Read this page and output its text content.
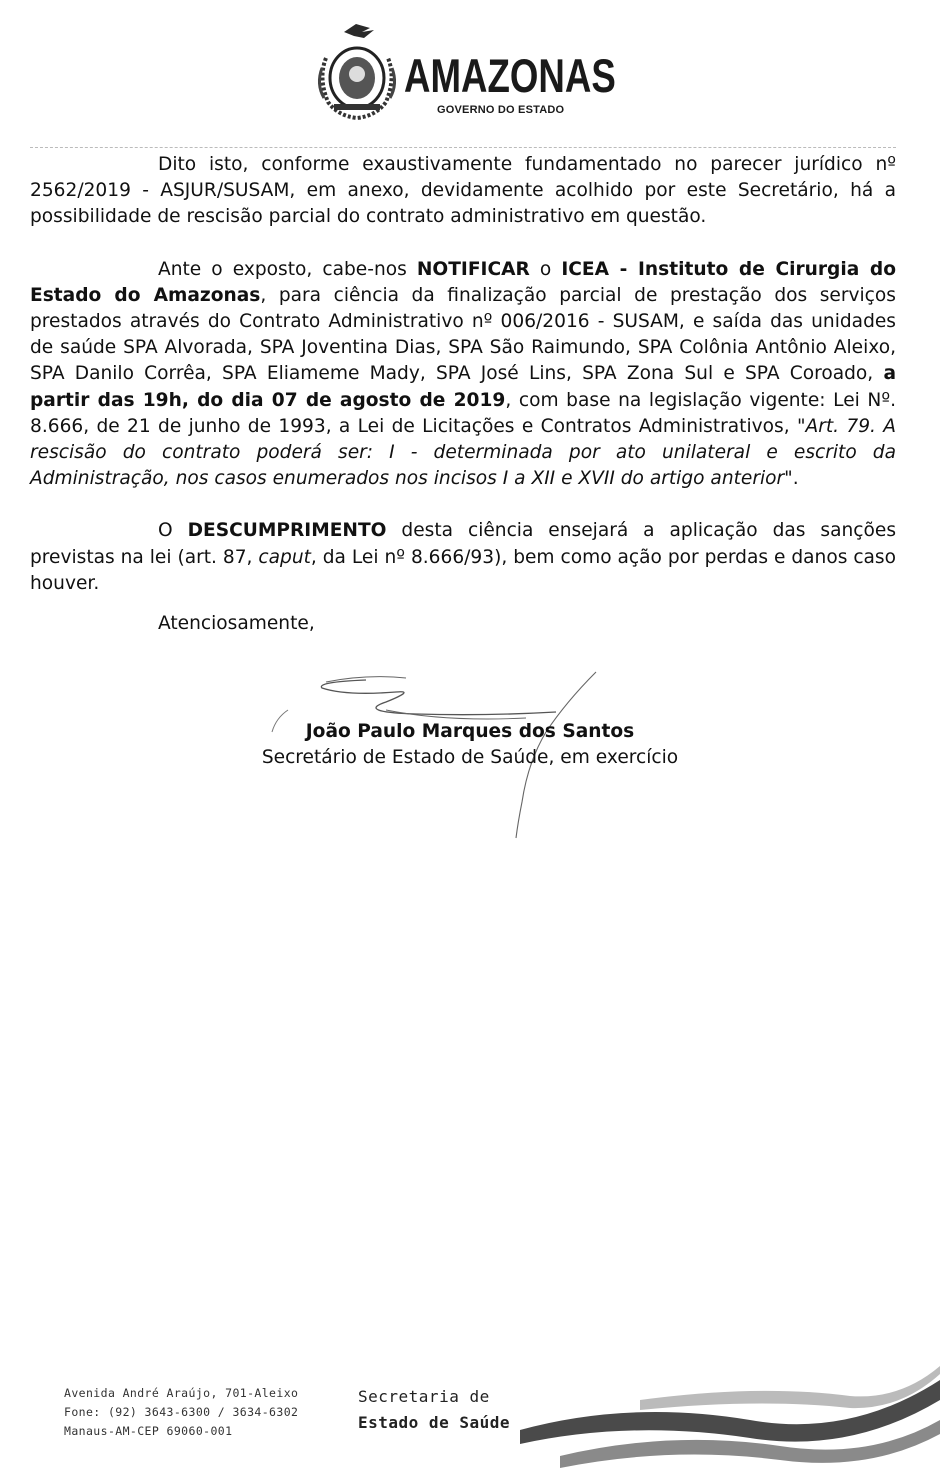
AMAZONAS
GOVERNO DO ESTADO

Dito isto, conforme exaustivamente fundamentado no parecer jurídico nº 2562/2019 - ASJUR/SUSAM, em anexo, devidamente acolhido por este Secretário, há a possibilidade de rescisão parcial do contrato administrativo em questão.

Ante o exposto, cabe-nos NOTIFICAR o ICEA - Instituto de Cirurgia do Estado do Amazonas, para ciência da finalização parcial de prestação dos serviços prestados através do Contrato Administrativo nº 006/2016 - SUSAM, e saída das unidades de saúde SPA Alvorada, SPA Joventina Dias, SPA São Raimundo, SPA Colônia Antônio Aleixo, SPA Danilo Corrêa, SPA Eliameme Mady, SPA José Lins, SPA Zona Sul e SPA Coroado, a partir das 19h, do dia 07 de agosto de 2019, com base na legislação vigente: Lei Nº. 8.666, de 21 de junho de 1993, a Lei de Licitações e Contratos Administrativos, "Art. 79. A rescisão do contrato poderá ser: I - determinada por ato unilateral e escrito da Administração, nos casos enumerados nos incisos I a XII e XVII do artigo anterior".

O DESCUMPRIMENTO desta ciência ensejará a aplicação das sanções previstas na lei (art. 87, caput, da Lei nº 8.666/93), bem como ação por perdas e danos caso houver.

Atenciosamente,

João Paulo Marques dos Santos
Secretário de Estado de Saúde, em exercício
Avenida André Araújo, 701-Aleixo
Fone: (92) 3643-6300 / 3634-6302
Manaus-AM-CEP 69060-001
Secretaria de
Estado de Saúde
